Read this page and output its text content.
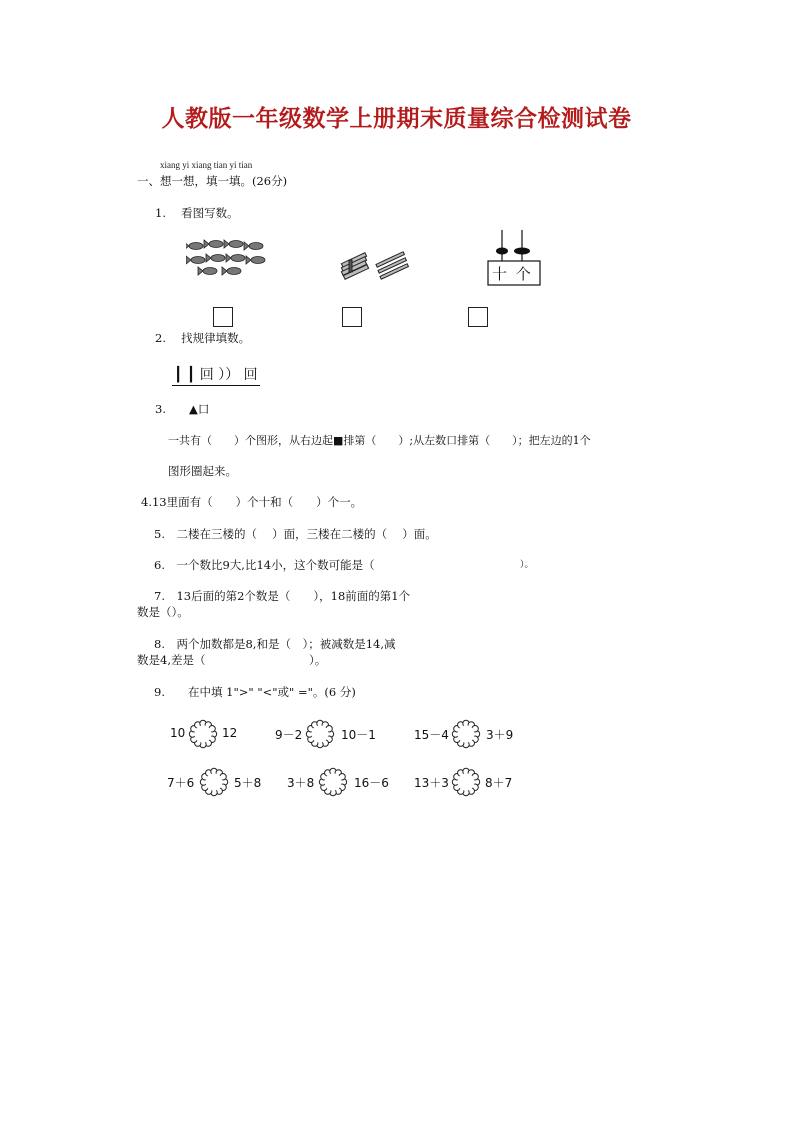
人教版一年级数学上册期末质量综合检测试卷
xiang yi xiang tian yi tian
一、想一想，填一填。(26分)
1.　 看图写数。
十 个
2.　 找规律填数。
┃ ┃ 回 ）） 回
3.　　▲口
一共有（　　）个图形，从右边起■排第（　　）;从左数口排第（　　）；把左边的1个
图形圈起来。
4.13里面有（　　）个十和（　　）个一。
5.　二楼在三楼的（　 ）面，三楼在二楼的（　 ）面。
6.　一个数比9大,比14小，这个数可能是（	）。
7.　13后面的第2个数是（　　），18前面的第1个
数是（）。
8.　两个加数都是8,和是（　）；被减数是14,减
数是4,差是（　　　　　　　　　）。
9.　　在中填 1">" "<"或" ="。(6 分)
10	12	9－2	10－1	15－4	3＋9
7＋6	5＋8 3＋8	16－6 13＋3	8＋7
